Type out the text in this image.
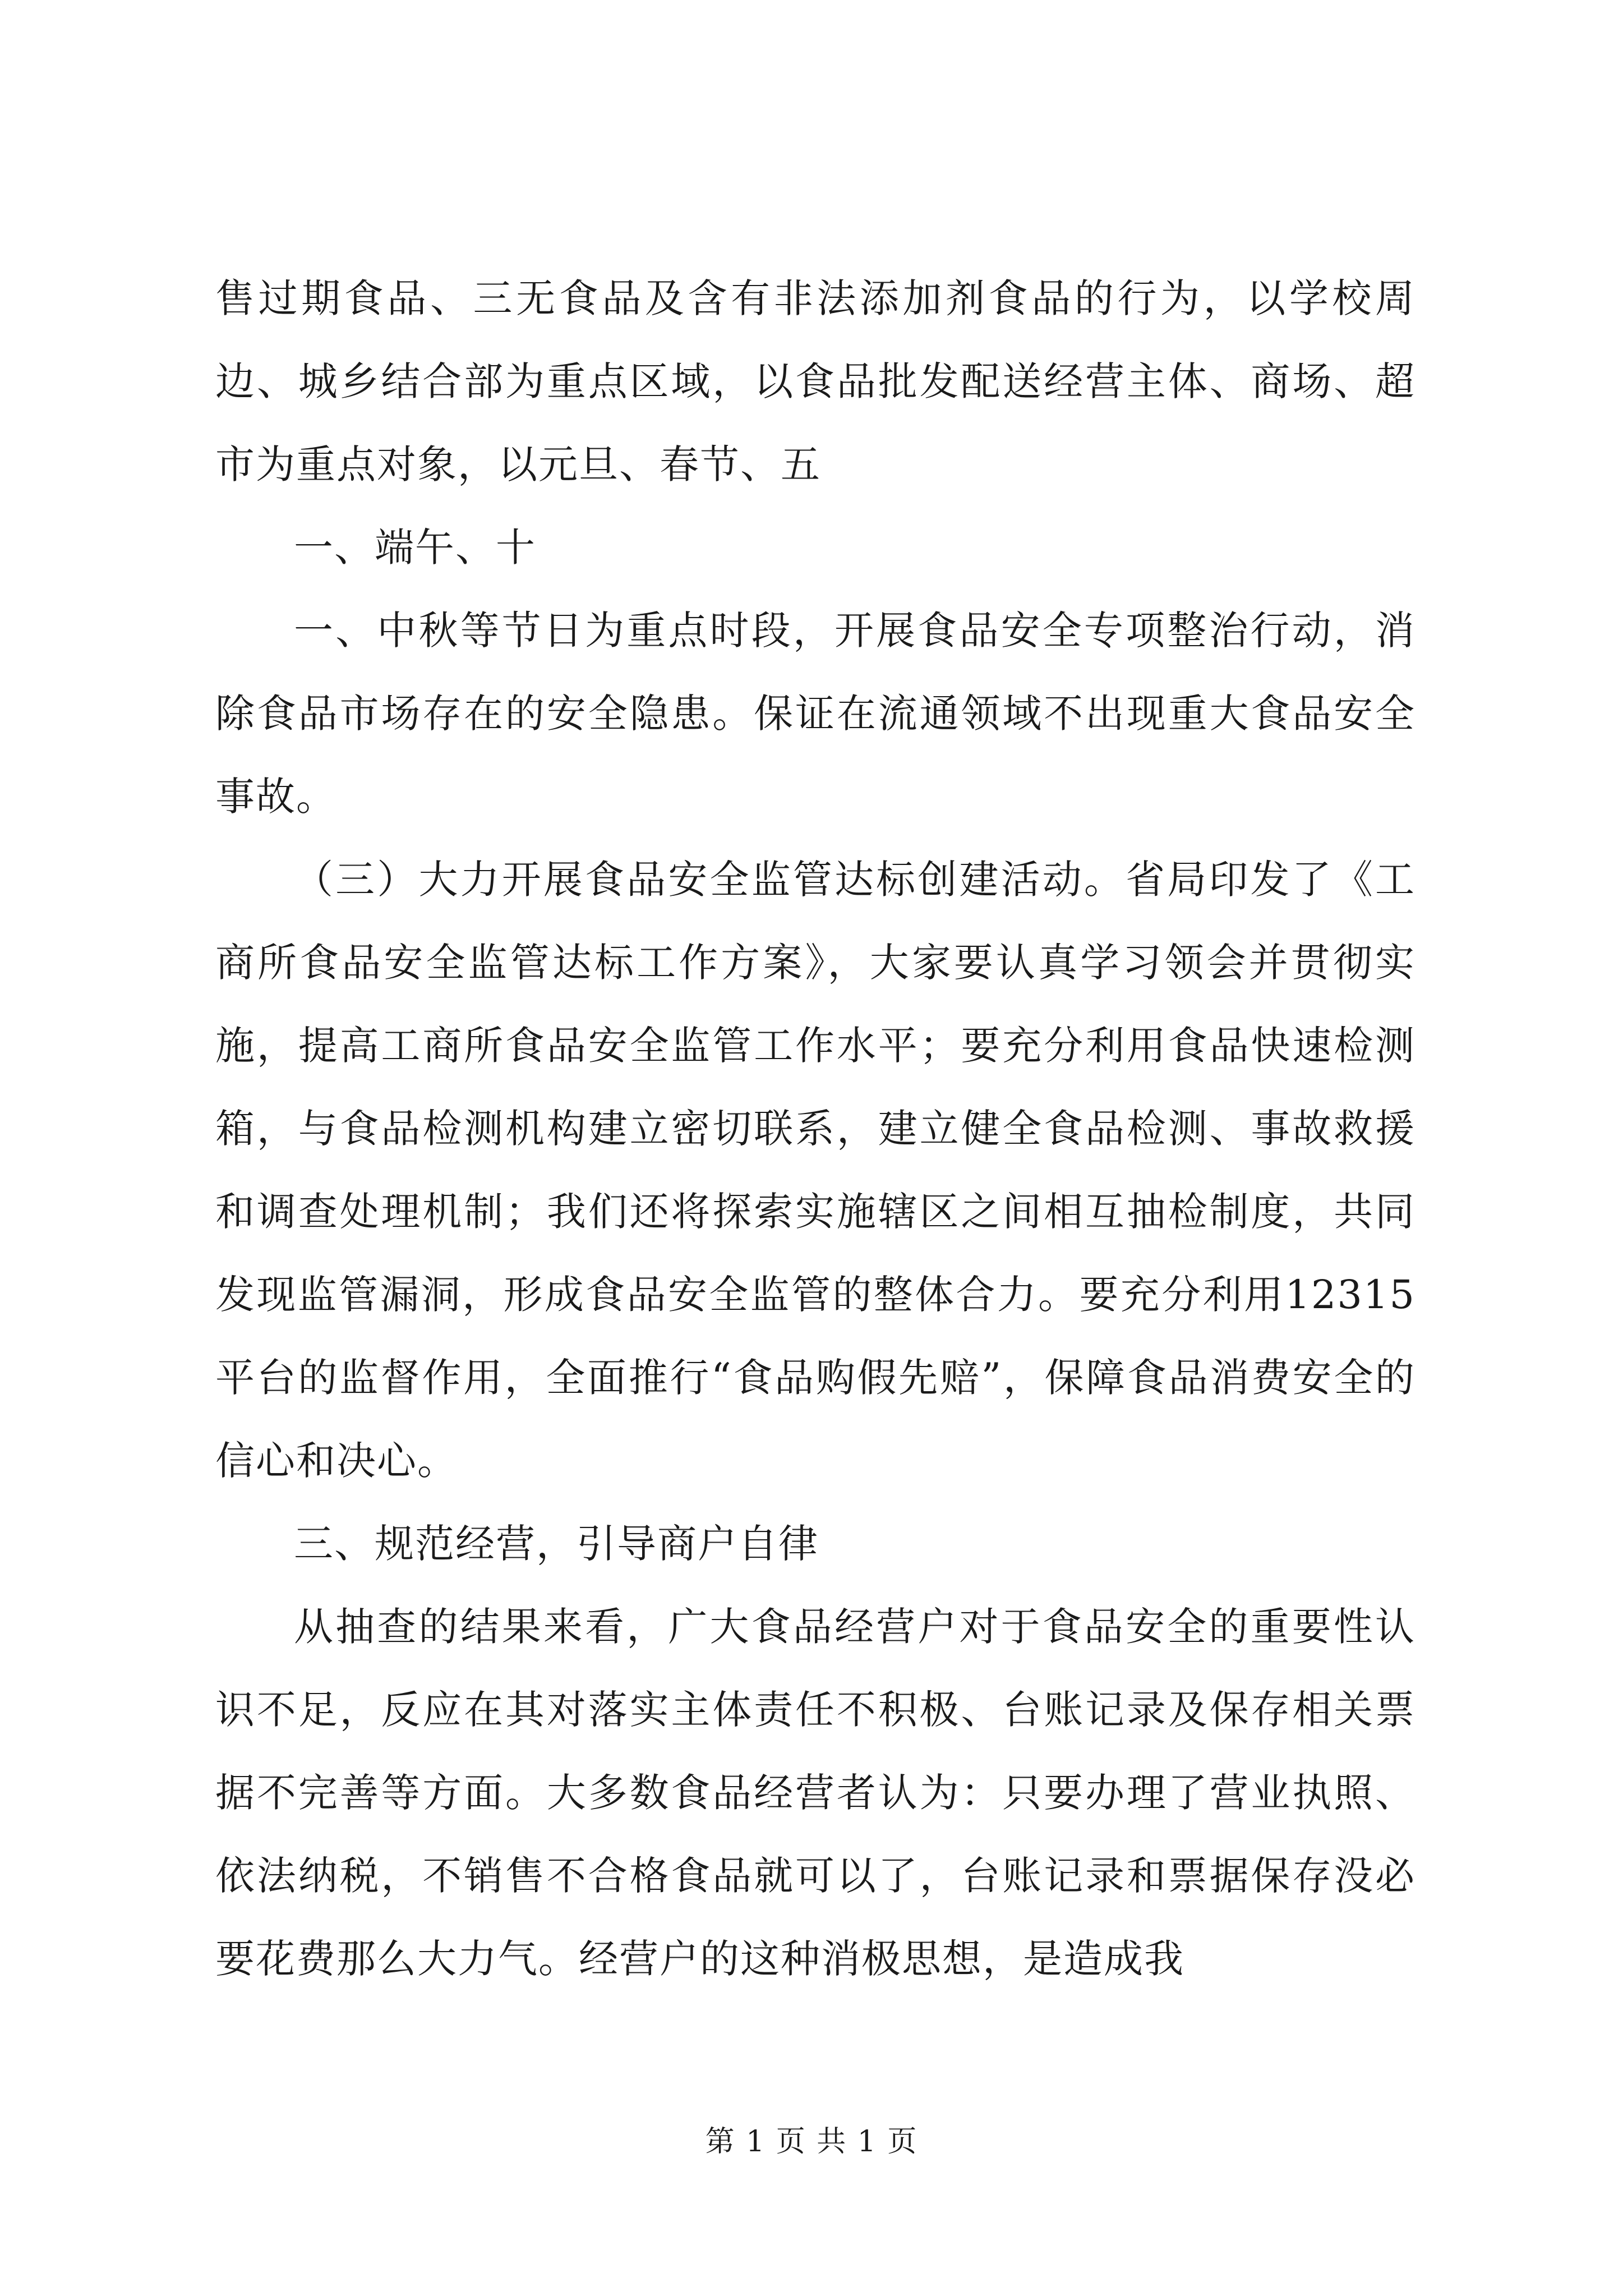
售过期食品、三无食品及含有非法添加剂食品的行为，以学校周边、城乡结合部为重点区域，以食品批发配送经营主体、商场、超市为重点对象，以元旦、春节、五

一、端午、十

一、中秋等节日为重点时段，开展食品安全专项整治行动，消除食品市场存在的安全隐患。保证在流通领域不出现重大食品安全事故。

（三）大力开展食品安全监管达标创建活动。省局印发了《工商所食品安全监管达标工作方案》，大家要认真学习领会并贯彻实施，提高工商所食品安全监管工作水平；要充分利用食品快速检测箱，与食品检测机构建立密切联系，建立健全食品检测、事故救援和调查处理机制；我们还将探索实施辖区之间相互抽检制度，共同发现监管漏洞，形成食品安全监管的整体合力。要充分利用12315平台的监督作用，全面推行“食品购假先赔”，保障食品消费安全的信心和决心。

三、规范经营，引导商户自律

从抽查的结果来看，广大食品经营户对于食品安全的重要性认识不足，反应在其对落实主体责任不积极、台账记录及保存相关票据不完善等方面。大多数食品经营者认为：只要办理了营业执照、依法纳税，不销售不合格食品就可以了，台账记录和票据保存没必要花费那么大力气。经营户的这种消极思想，是造成我

第 1 页 共 1 页
